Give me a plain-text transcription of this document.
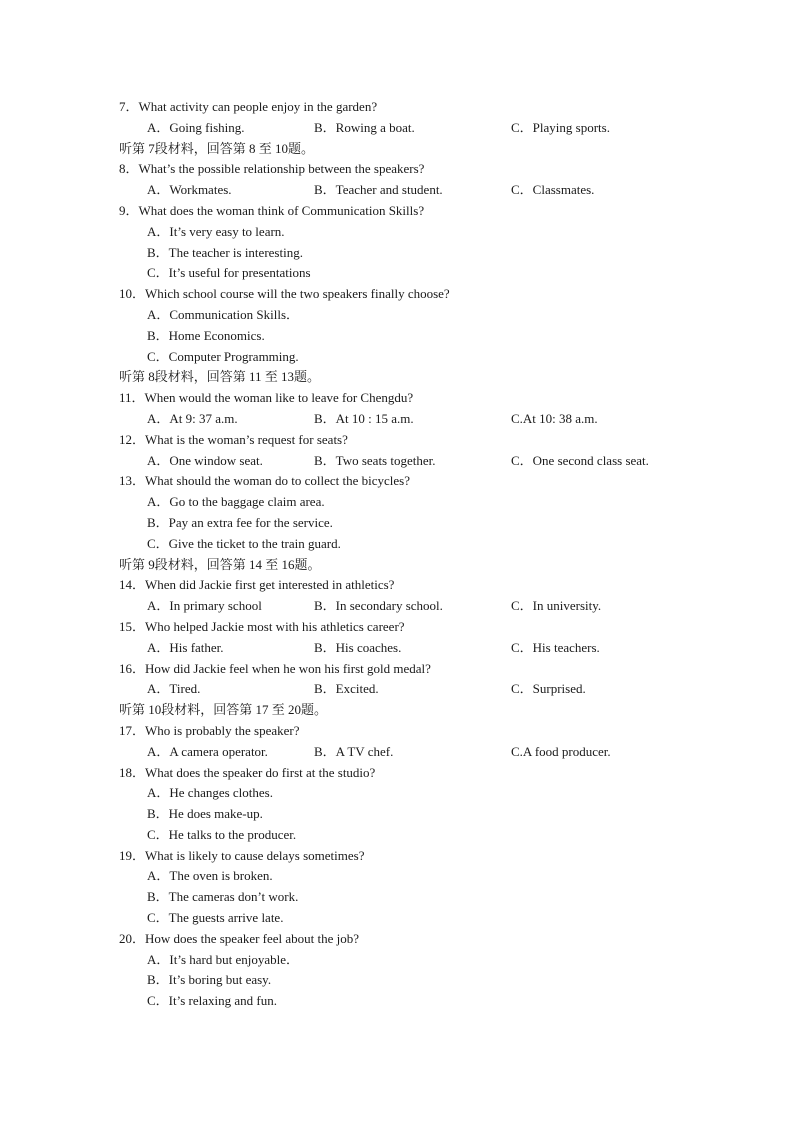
7．What activity can people enjoy in the garden?
A．Going fishing.	B．Rowing a boat.	C．Playing sports.
听第 7段材料，回答第 8 至 10题。
8．What’s the possible relationship between the speakers?
A．Workmates.	B．Teacher and student.	C．Classmates.
9．What does the woman think of Communication Skills?
A．It’s very easy to learn.
B．The teacher is interesting.
C．It’s useful for presentations
10．Which school course will the two speakers finally choose?
A．Communication Skills．
B．Home Economics.
C．Computer Programming.
听第 8段材料，回答第 11 至 13题。
11．When would the woman like to leave for Chengdu?
A．At 9: 37 a.m.	B．At 10 : 15 a.m.	C.At 10: 38 a.m.
12．What is the woman’s request for seats?
A．One window seat.	B．Two seats together.	C．One second class seat.
13．What should the woman do to collect the bicycles?
A．Go to the baggage claim area.
B．Pay an extra fee for the service.
C．Give the ticket to the train guard.
听第 9段材料，回答第 14 至 16题。
14．When did Jackie first get interested in athletics?
A．In primary school	B．In secondary school.	C．In university.
15．Who helped Jackie most with his athletics career?
A．His father.	B．His coaches.	C．His teachers.
16．How did Jackie feel when he won his first gold medal?
A．Tired.	B．Excited.	C．Surprised.
听第 10段材料，回答第 17 至 20题。
17．Who is probably the speaker?
A．A camera operator.	B．A TV chef.	C.A food producer.
18．What does the speaker do first at the studio?
A．He changes clothes.
B．He does make-up.
C．He talks to the producer.
19．What is likely to cause delays sometimes?
A．The oven is broken.
B．The cameras don’t work.
C．The guests arrive late.
20．How does the speaker feel about the job?
A．It’s hard but enjoyable．
B．It’s boring but easy.
C．It’s relaxing and fun.
